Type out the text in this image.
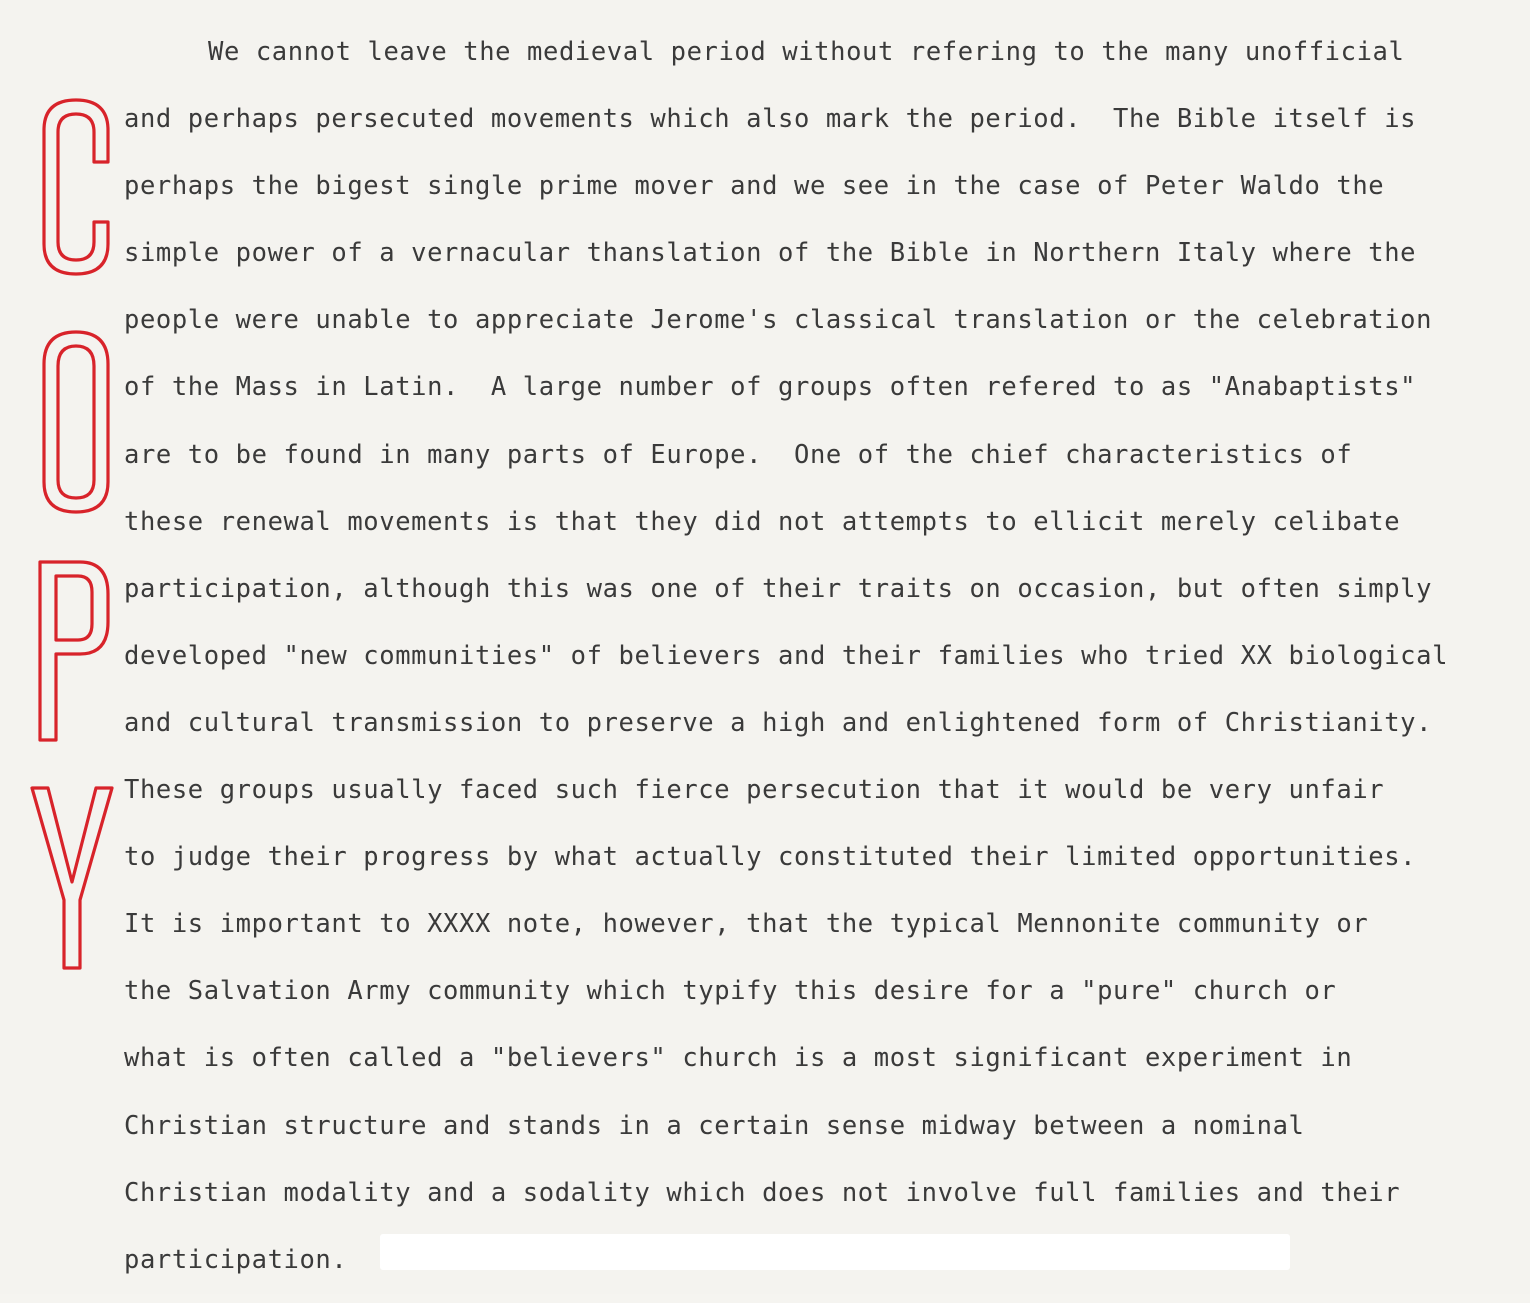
We cannot leave the medieval period without refering to the many unofficial
and perhaps persecuted movements which also mark the period.  The Bible itself is
perhaps the bigest single prime mover and we see in the case of Peter Waldo the
simple power of a vernacular thanslation of the Bible in Northern Italy where the
people were unable to appreciate Jerome's classical translation or the celebration
of the Mass in Latin.  A large number of groups often refered to as "Anabaptists"
are to be found in many parts of Europe.  One of the chief characteristics of
these renewal movements is that they did not attempts to ellicit merely celibate
participation, although this was one of their traits on occasion, but often simply
developed "new communities" of believers and their families who tried XX biological
and cultural transmission to preserve a high and enlightened form of Christianity.
These groups usually faced such fierce persecution that it would be very unfair
to judge their progress by what actually constituted their limited opportunities.
It is important to XXXX note, however, that the typical Mennonite community or
the Salvation Army community which typify this desire for a "pure" church or
what is often called a "believers" church is a most significant experiment in
Christian structure and stands in a certain sense midway between a nominal
Christian modality and a sodality which does not involve full families and their
participation.
